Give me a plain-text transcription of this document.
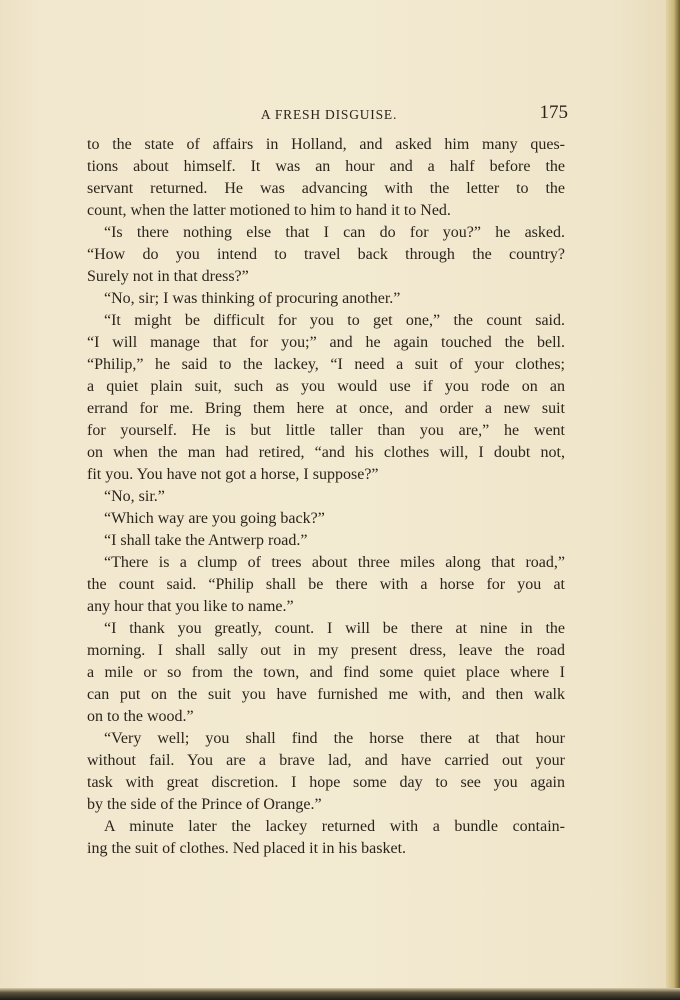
A FRESH DISGUISE.	175
to the state of affairs in Holland, and asked him many ques-
tions about himself. It was an hour and a half before the
servant returned. He was advancing with the letter to the
count, when the latter motioned to him to hand it to Ned.
“Is there nothing else that I can do for you?” he asked.
“How do you intend to travel back through the country?
Surely not in that dress?”
“No, sir; I was thinking of procuring another.”
“It might be difficult for you to get one,” the count said.
“I will manage that for you;” and he again touched the bell.
“Philip,” he said to the lackey, “I need a suit of your clothes;
a quiet plain suit, such as you would use if you rode on an
errand for me. Bring them here at once, and order a new suit
for yourself. He is but little taller than you are,” he went
on when the man had retired, “and his clothes will, I doubt not,
fit you. You have not got a horse, I suppose?”
“No, sir.”
“Which way are you going back?”
“I shall take the Antwerp road.”
“There is a clump of trees about three miles along that road,”
the count said. “Philip shall be there with a horse for you at
any hour that you like to name.”
“I thank you greatly, count. I will be there at nine in the
morning. I shall sally out in my present dress, leave the road
a mile or so from the town, and find some quiet place where I
can put on the suit you have furnished me with, and then walk
on to the wood.”
“Very well; you shall find the horse there at that hour
without fail. You are a brave lad, and have carried out your
task with great discretion. I hope some day to see you again
by the side of the Prince of Orange.”
A minute later the lackey returned with a bundle contain-
ing the suit of clothes. Ned placed it in his basket.
